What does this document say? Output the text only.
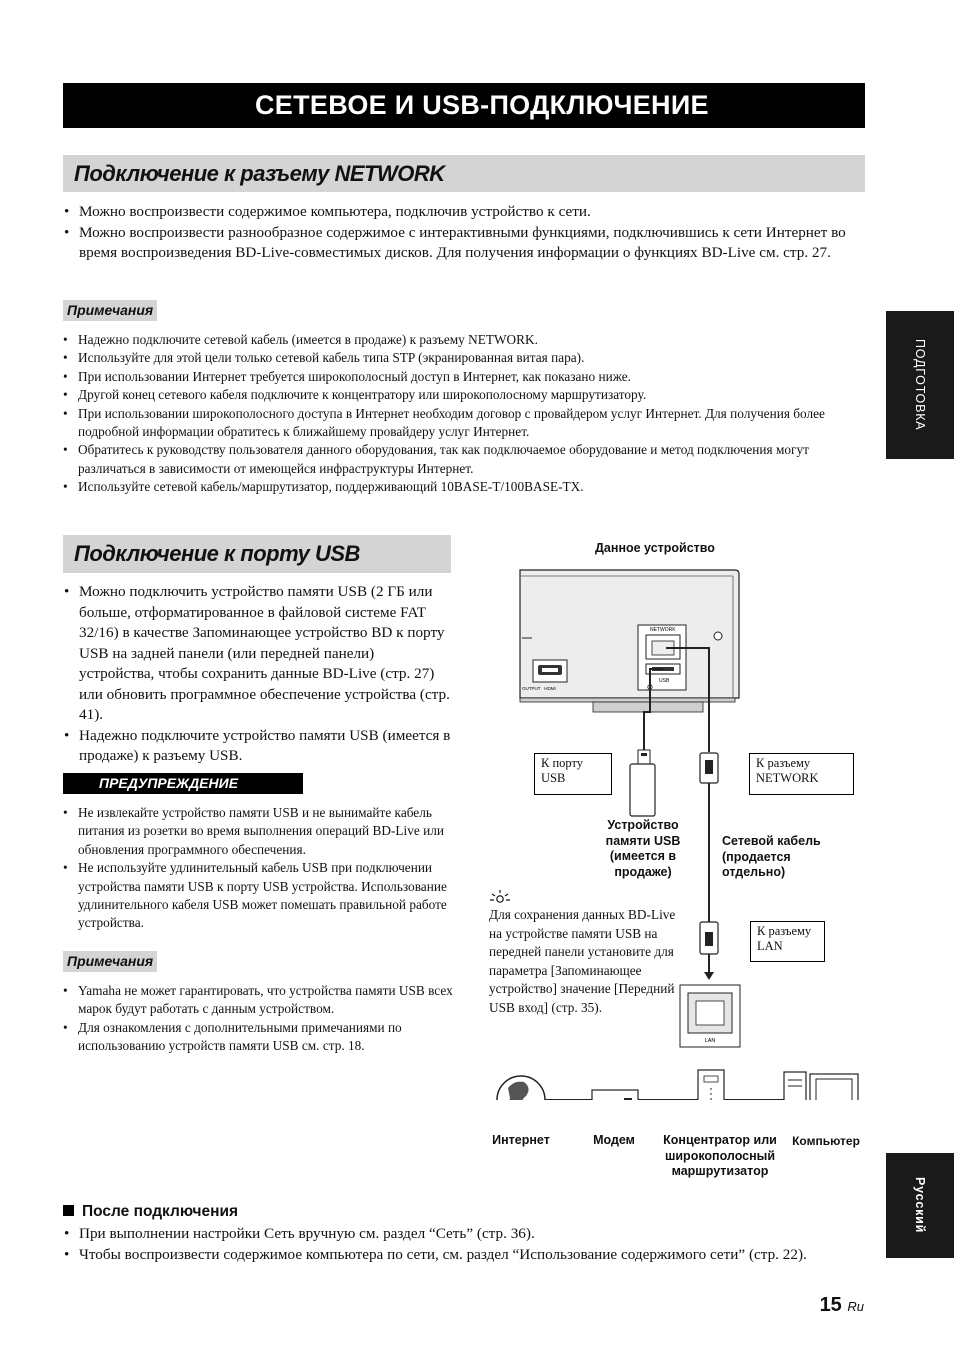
СЕТЕВОЕ И USB-ПОДКЛЮЧЕНИЕ
Подключение к разъему NETWORK
• Можно воспроизвести содержимое компьютера, подключив устройство к сети.
• Можно воспроизвести разнообразное содержимое с интерактивными функциями, подключившись к сети Интернет во время воспроизведения BD-Live-совместимых дисков. Для получения информации о функциях BD-Live см. стр. 27.
Примечания
• Надежно подключите сетевой кабель (имеется в продаже) к разъему NETWORK.
• Используйте для этой цели только сетевой кабель типа STP (экранированная витая пара).
• При использовании Интернет требуется широкополосный доступ в Интернет, как показано ниже.
• Другой конец сетевого кабеля подключите к концентратору или широкополосному маршрутизатору.
• При использовании широкополосного доступа в Интернет необходим договор с провайдером услуг Интернет. Для получения более подробной информации обратитесь к ближайшему провайдеру услуг Интернет.
• Обратитесь к руководству пользователя данного оборудования, так как подключаемое оборудование и метод подключения могут различаться в зависимости от имеющейся инфраструктуры Интернет.
• Используйте сетевой кабель/маршрутизатор, поддерживающий 10BASE-T/100BASE-TX.
Подключение к порту USB
• Можно подключить устройство памяти USB (2 ГБ или больше, отформатированное в файловой системе FAT 32/16) в качестве Запоминающее устройство BD к порту USB на задней панели (или передней панели) устройства, чтобы сохранить данные BD-Live (стр. 27) или обновить программное обеспечение устройства (стр. 41).
• Надежно подключите устройство памяти USB (имеется в продаже) к разъему USB.
ПРЕДУПРЕЖДЕНИЕ
• Не извлекайте устройство памяти USB и не вынимайте кабель питания из розетки во время выполнения операций BD-Live или обновления программного обеспечения.
• Не используйте удлинительный кабель USB при подключении устройства памяти USB к порту USB устройства. Использование удлинительного кабеля USB может помешать правильной работе устройства.
Примечания
• Yamaha не может гарантировать, что устройства памяти USB всех марок будут работать с данным устройством.
• Для ознакомления с дополнительными примечаниями по использованию устройств памяти USB см. стр. 18.
Данное устройство
HDMI
OUTPUT
NETWORK
USB
LAN
К порту USB
К разъему NETWORK
К разъему LAN
Устройство памяти USB (имеется в продаже)
Сетевой кабель (продается отдельно)
Для сохранения данных BD-Live на устройстве памяти USB на передней панели установите для параметра [Запоминающее устройство] значение [Передний USB вход] (стр. 35).
Интернет	Модем	Концентратор или широкополосный маршрутизатор
Компьютер
После подключения
• При выполнении настройки Сеть вручную см. раздел “Сеть” (стр. 36).
• Чтобы воспроизвести содержимое компьютера по сети, см. раздел “Использование содержимого сети” (стр. 22).
ПОДГОТОВКА
Русский
15 Ru
